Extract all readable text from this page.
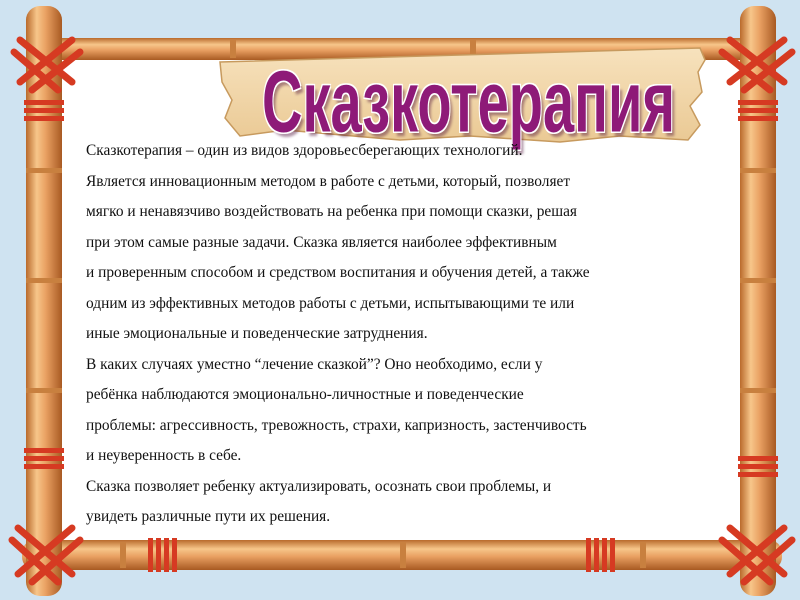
Сказкотерапия

Сказкотерапия – один из видов здоровьесберегающих технологий.

Является инновационным методом в работе с детьми, который, позволяет

мягко и ненавязчиво воздействовать на ребенка при помощи сказки, решая

при этом самые разные задачи. Сказка является наиболее эффективным

и проверенным способом и средством воспитания и обучения детей, а также

одним из эффективных методов работы с детьми, испытывающими те или

иные эмоциональные и поведенческие затруднения.

В каких случаях уместно “лечение сказкой”? Оно необходимо, если у

ребёнка наблюдаются эмоционально-личностные и поведенческие

проблемы: агрессивность, тревожность, страхи, капризность, застенчивость

и неуверенность в себе.

Сказка позволяет ребенку актуализировать, осознать свои проблемы, и

увидеть различные пути их решения.
